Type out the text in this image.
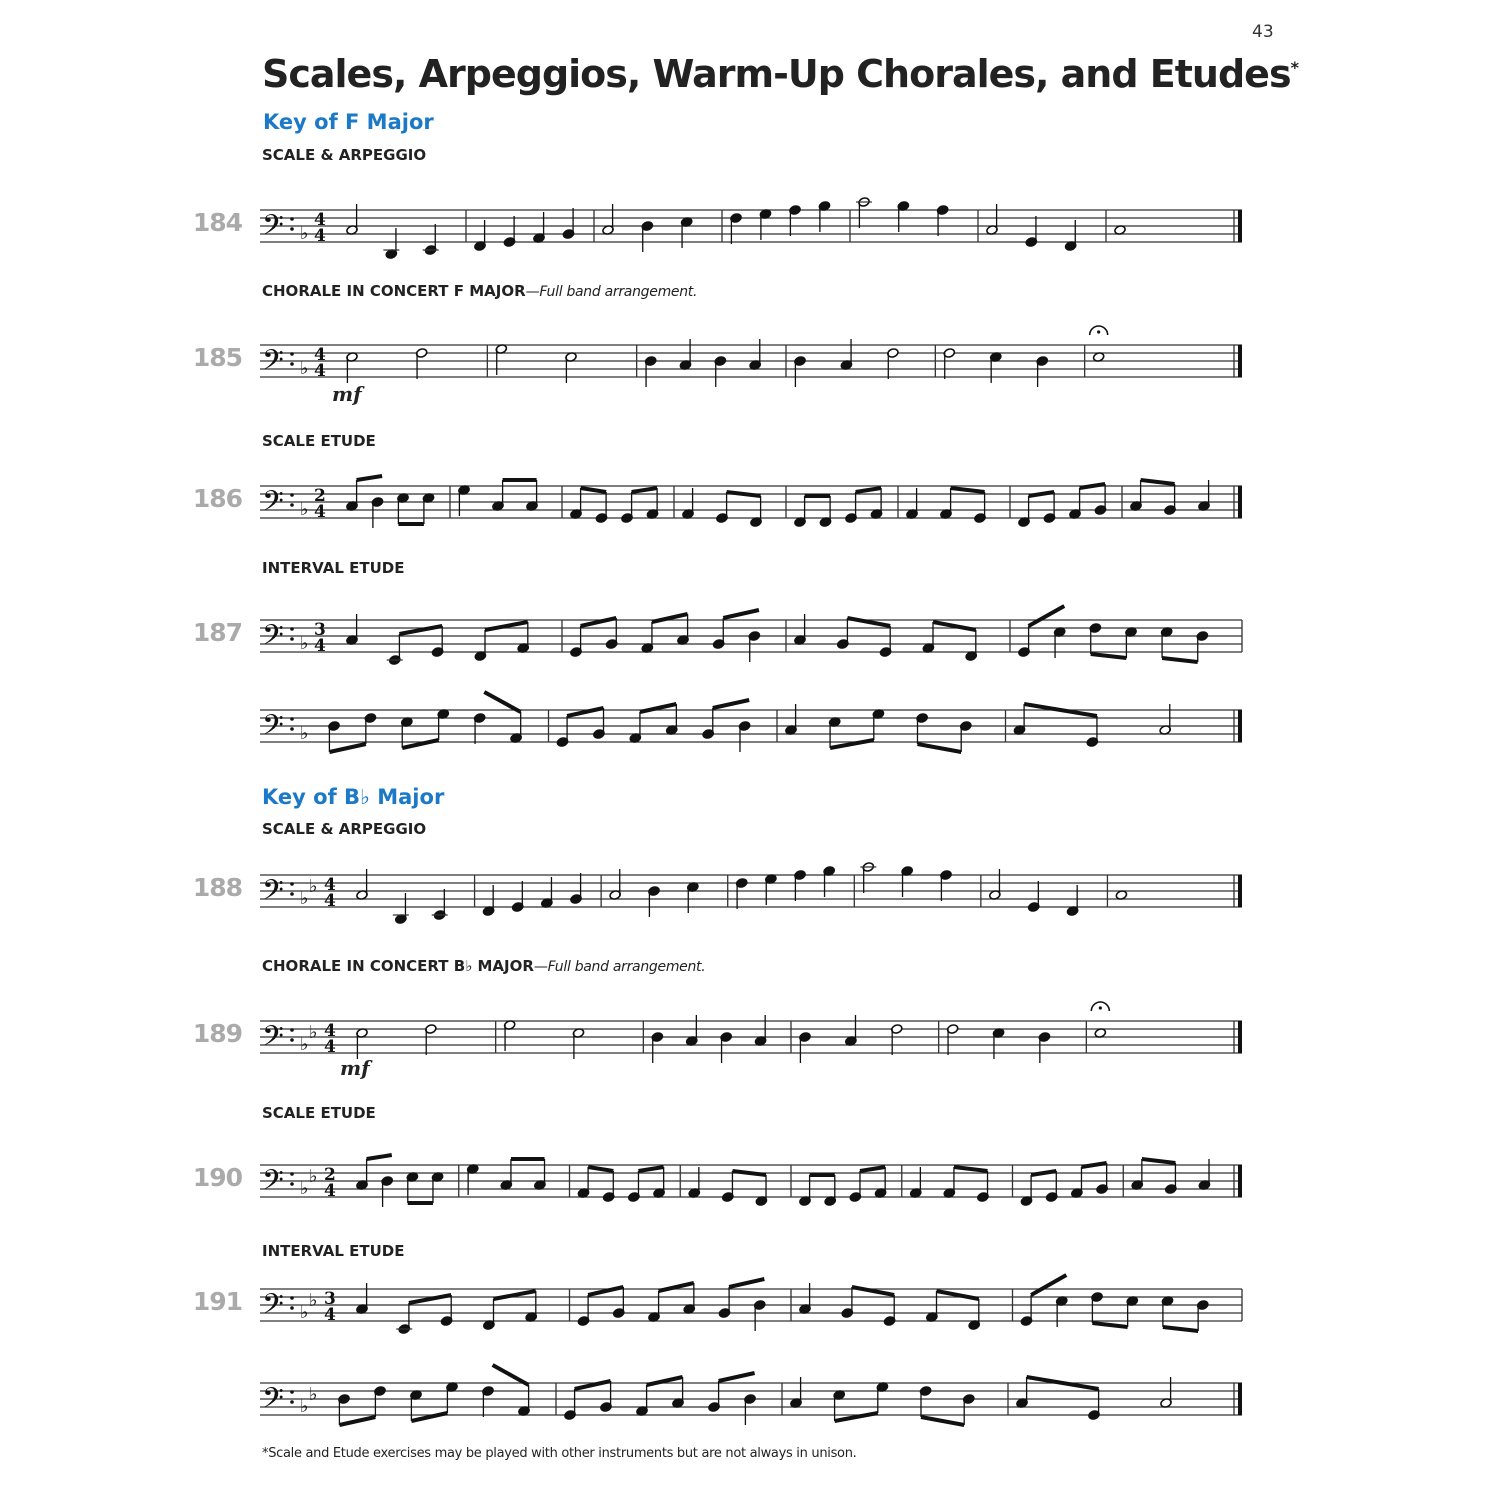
43
Scales, Arpeggios, Warm-Up Chorales, and Etudes*
Key of F Major
SCALE & ARPEGGIO
184 𝄢 ♭
4
4
CHORALE IN CONCERT F MAJOR—Full band arrangement.
185 𝄢 ♭
4
4
mf
SCALE ETUDE
186 𝄢 ♭
2
4
INTERVAL ETUDE
187 𝄢 ♭
3
4
𝄢 ♭
Key of B♭ Major
SCALE & ARPEGGIO
188 𝄢 ♭
♭ 4
4
CHORALE IN CONCERT B♭ MAJOR—Full band arrangement.
189 𝄢 ♭
♭ 4
4
mf
SCALE ETUDE
190 𝄢 ♭
♭ 2
4
INTERVAL ETUDE
191 𝄢 ♭
♭ 3
4
𝄢 ♭
♭
*Scale and Etude exercises may be played with other instruments but are not always in unison.
